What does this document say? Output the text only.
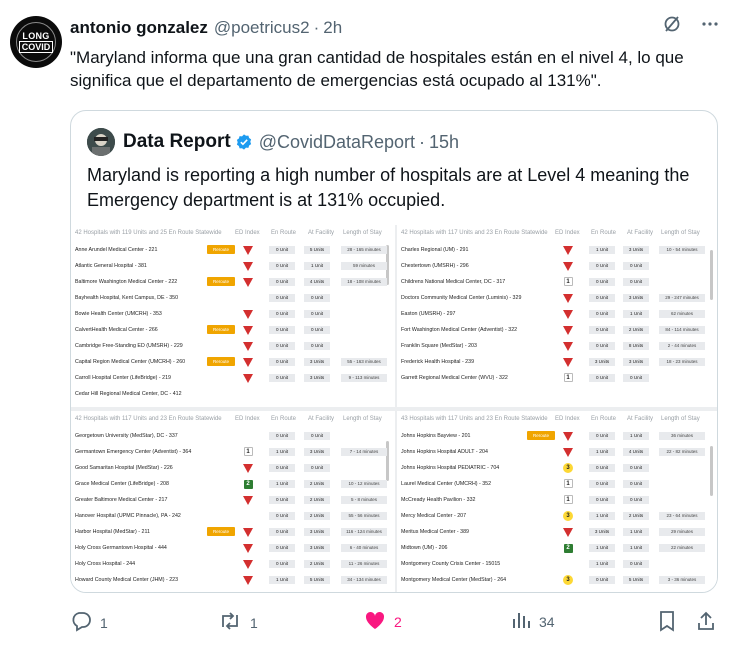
LONG
COVID
antonio gonzalez @poetricus2 · 2h
"Maryland informa que una gran cantidad de hospitales están en el nivel 4, lo que significa que el departamento de emergencias está ocupado al 131%".
Data Report @CovidDataReport · 15h
Maryland is reporting a high number of hospitals are at Level 4 meaning the Emergency department is at 131% occupied.
42 Hospitals with 119 Units and 25 En Route Statewide ED Index En Route At Facility Length of Stay
Anne Arundel Medical Center - 221	Reroute	0 Unit	5 Units	28 - 165 minutes
Atlantic General Hospital - 381	0 Unit	1 Unit	59 minutes
Baltimore Washington Medical Center - 222	Reroute	0 Unit	4 Units	18 - 108 minutes
Bayhealth Hospital, Kent Campus, DE - 350	0 Unit	0 Unit
Bowie Health Center (UMCRH) - 353	0 Unit	0 Unit
CalvertHealth Medical Center - 266	Reroute	0 Unit	0 Unit
Cambridge Free-Standing ED (UMSRH) - 229	0 Unit	0 Unit
Capital Region Medical Center (UMCRH) - 260	Reroute	0 Unit	3 Units	55 - 163 minutes
Carroll Hospital Center (LifeBridge) - 219	0 Unit	3 Units	9 - 113 minutes
Cedar Hill Regional Medical Center, DC - 412
42 Hospitals with 117 Units and 23 En Route Statewide ED Index En Route At Facility Length of Stay
Charles Regional (UM) - 291	1 Unit	3 Units	10 - 54 minutes
Chestertown (UMSRH) - 296	0 Unit	0 Unit
Childrens National Medical Center, DC - 317	1	0 Unit	0 Unit
Doctors Community Medical Center (Luminis) - 329	0 Unit	3 Units	29 - 247 minutes
Easton (UMSRH) - 297	0 Unit	1 Unit	62 minutes
Fort Washington Medical Center (Adventist) - 322	0 Unit	2 Units	84 - 114 minutes
Franklin Square (MedStar) - 203	0 Unit	8 Units	2 - 44 minutes
Frederick Health Hospital - 239	3 Units	3 Units	18 - 23 minutes
Garrett Regional Medical Center (WVU) - 322	1	0 Unit	0 Unit
42 Hospitals with 117 Units and 23 En Route Statewide ED Index En Route At Facility Length of Stay
Georgetown University (MedStar), DC - 337	0 Unit	0 Unit
Germantown Emergency Center (Adventist) - 364	1	1 Unit	3 Units	7 - 14 minutes
Good Samaritan Hospital (MedStar) - 226	0 Unit	0 Unit
Grace Medical Center (LifeBridge) - 208	2	1 Unit	2 Units	10 - 12 minutes
Greater Baltimore Medical Center - 217	0 Unit	2 Units	5 - 8 minutes
Hanover Hospital (UPMC Pinnacle), PA - 242	0 Unit	2 Units	55 - 56 minutes
Harbor Hospital (MedStar) - 211	Reroute	0 Unit	3 Units	116 - 124 minutes
Holy Cross Germantown Hospital - 444	0 Unit	3 Units	6 - 40 minutes
Holy Cross Hospital - 244	0 Unit	2 Units	11 - 26 minutes
Howard County Medical Center (JHM) - 223	1 Unit	5 Units	34 - 134 minutes
43 Hospitals with 117 Units and 23 En Route Statewide ED Index En Route At Facility Length of Stay
Johns Hopkins Bayview - 201	Reroute	0 Unit	1 Unit	36 minutes
Johns Hopkins Hospital ADULT - 204	1 Unit	4 Units	22 - 82 minutes
Johns Hopkins Hospital PEDIATRIC - 704	3	0 Unit	0 Unit
Laurel Medical Center (UMCRH) - 352	1	0 Unit	0 Unit
McCready Health Pavilion - 332	1	0 Unit	0 Unit
Mercy Medical Center - 207	3	1 Unit	2 Units	23 - 64 minutes
Meritus Medical Center - 389	3 Units	1 Unit	29 minutes
Midtown (UM) - 206	2	1 Unit	1 Unit	22 minutes
Montgomery County Crisis Center - 15015	1 Unit	0 Unit
Montgomery Medical Center (MedStar) - 264	3	0 Unit	5 Units	3 - 36 minutes
1	1	2	34
